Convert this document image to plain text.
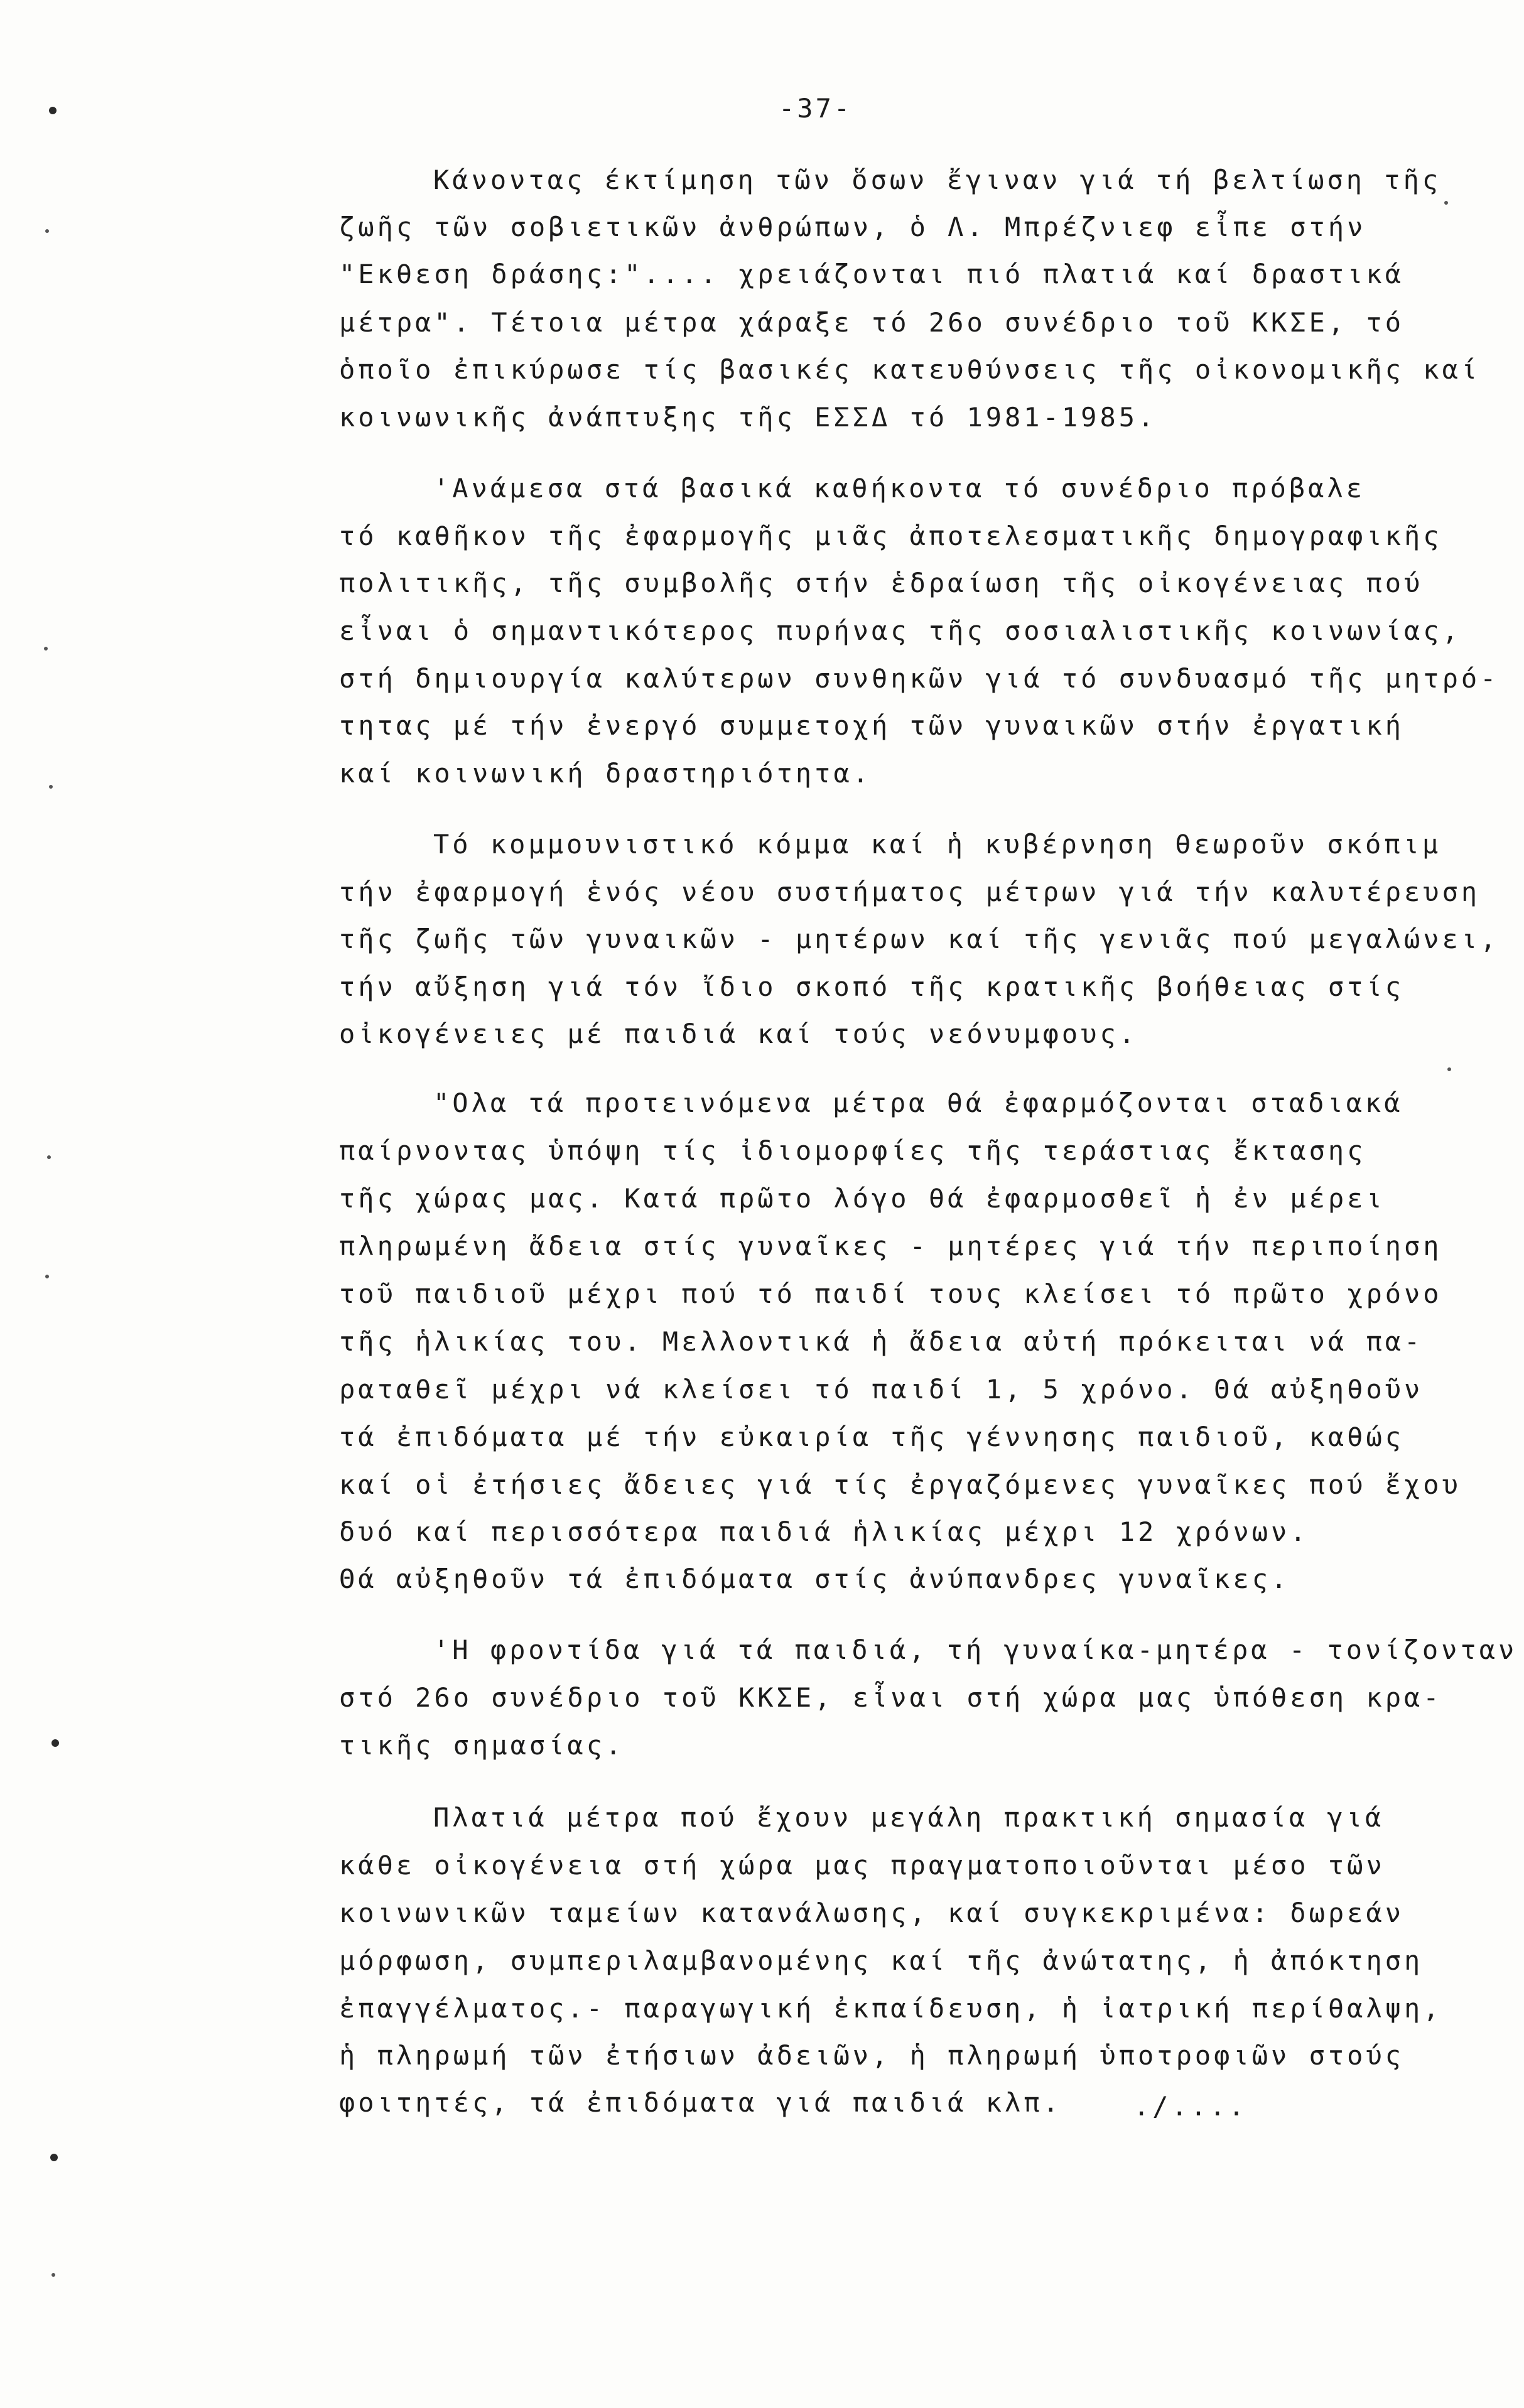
-37-
Κάνοντας έκτίμηση τῶν ὅσων ἔγιναν γιά τή βελτίωση τῆς
ζωῆς τῶν σοβιετικῶν ἀνθρώπων, ὁ Λ. Μπρέζνιεφ εἶπε στήν
"Εκθεση δράσης:".... χρειάζονται πιό πλατιά καί δραστικά
μέτρα". Τέτοια μέτρα χάραξε τό 26ο συνέδριο τοῦ ΚΚΣΕ, τό
ὁποῖο ἐπικύρωσε τίς βασικές κατευθύνσεις τῆς οἰκονομικῆς καί
κοινωνικῆς ἀνάπτυξης τῆς ΕΣΣΔ τό 1981-1985.
'Ανάμεσα στά βασικά καθήκοντα τό συνέδριο πρόβαλε
τό καθῆκον τῆς ἐφαρμογῆς μιᾶς ἀποτελεσματικῆς δημογραφικῆς
πολιτικῆς, τῆς συμβολῆς στήν ἑδραίωση τῆς οἰκογένειας πού
εἶναι ὁ σημαντικότερος πυρήνας τῆς σοσιαλιστικῆς κοινωνίας,
στή δημιουργία καλύτερων συνθηκῶν γιά τό συνδυασμό τῆς μητρό-
τητας μέ τήν ἐνεργό συμμετοχή τῶν γυναικῶν στήν ἐργατική
καί κοινωνική δραστηριότητα.
Τό κομμουνιστικό κόμμα καί ἡ κυβέρνηση θεωροῦν σκόπιμ
τήν ἐφαρμογή ἑνός νέου συστήματος μέτρων γιά τήν καλυτέρευση
τῆς ζωῆς τῶν γυναικῶν - μητέρων καί τῆς γενιᾶς πού μεγαλώνει,
τήν αὔξηση γιά τόν ἴδιο σκοπό τῆς κρατικῆς βοήθειας στίς
οἰκογένειες μέ παιδιά καί τούς νεόνυμφους.
"Ολα τά προτεινόμενα μέτρα θά ἐφαρμόζονται σταδιακά
παίρνοντας ὑπόψη τίς ἰδιομορφίες τῆς τεράστιας ἔκτασης
τῆς χώρας μας. Κατά πρῶτο λόγο θά ἐφαρμοσθεῖ ἡ ἐν μέρει
πληρωμένη ἄδεια στίς γυναῖκες - μητέρες γιά τήν περιποίηση
τοῦ παιδιοῦ μέχρι πού τό παιδί τους κλείσει τό πρῶτο χρόνο
τῆς ἡλικίας του. Μελλοντικά ἡ ἄδεια αὐτή πρόκειται νά πα-
ραταθεῖ μέχρι νά κλείσει τό παιδί 1, 5 χρόνο. Θά αὐξηθοῦν
τά ἐπιδόματα μέ τήν εὐκαιρία τῆς γέννησης παιδιοῦ, καθώς
καί οἱ ἐτήσιες ἄδειες γιά τίς ἐργαζόμενες γυναῖκες πού ἔχου
δυό καί περισσότερα παιδιά ἡλικίας μέχρι 12 χρόνων.
Θά αὐξηθοῦν τά ἐπιδόματα στίς ἀνύπανδρες γυναῖκες.
'Η φροντίδα γιά τά παιδιά, τή γυναίκα-μητέρα - τονίζονταν
στό 26ο συνέδριο τοῦ ΚΚΣΕ, εἶναι στή χώρα μας ὑπόθεση κρα-
τικῆς σημασίας.
Πλατιά μέτρα πού ἔχουν μεγάλη πρακτική σημασία γιά
κάθε οἰκογένεια στή χώρα μας πραγματοποιοῦνται μέσο τῶν
κοινωνικῶν ταμείων κατανάλωσης, καί συγκεκριμένα: δωρεάν
μόρφωση, συμπεριλαμβανομένης καί τῆς ἀνώτατης, ἡ ἀπόκτηση
ἐπαγγέλματος.- παραγωγική ἐκπαίδευση, ἡ ἰατρική περίθαλψη,
ἡ πληρωμή τῶν ἐτήσιων ἀδειῶν, ἡ πληρωμή ὑποτροφιῶν στούς
φοιτητές, τά ἐπιδόματα γιά παιδιά κλπ.	./....
